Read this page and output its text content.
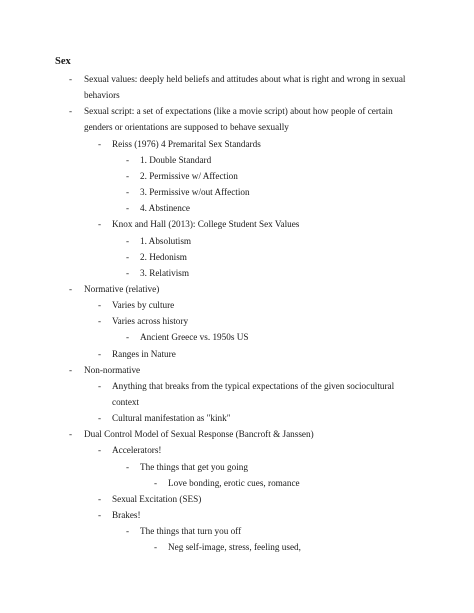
Sex
- Sexual values: deeply held beliefs and attitudes about what is right and wrong in sexual
behaviors
- Sexual script: a set of expectations (like a movie script) about how people of certain
genders or orientations are supposed to behave sexually
- Reiss (1976) 4 Premarital Sex Standards
- 1. Double Standard
- 2. Permissive w/ Affection
- 3. Permissive w/out Affection
- 4. Abstinence
- Knox and Hall (2013): College Student Sex Values
- 1. Absolutism
- 2. Hedonism
- 3. Relativism
- Normative (relative)
- Varies by culture
- Varies across history
- Ancient Greece vs. 1950s US
- Ranges in Nature
- Non-normative
- Anything that breaks from the typical expectations of the given sociocultural
context
- Cultural manifestation as "kink"
- Dual Control Model of Sexual Response (Bancroft & Janssen)
- Accelerators!
- The things that get you going
- Love bonding, erotic cues, romance
- Sexual Excitation (SES)
- Brakes!
- The things that turn you off
- Neg self-image, stress, feeling used,
